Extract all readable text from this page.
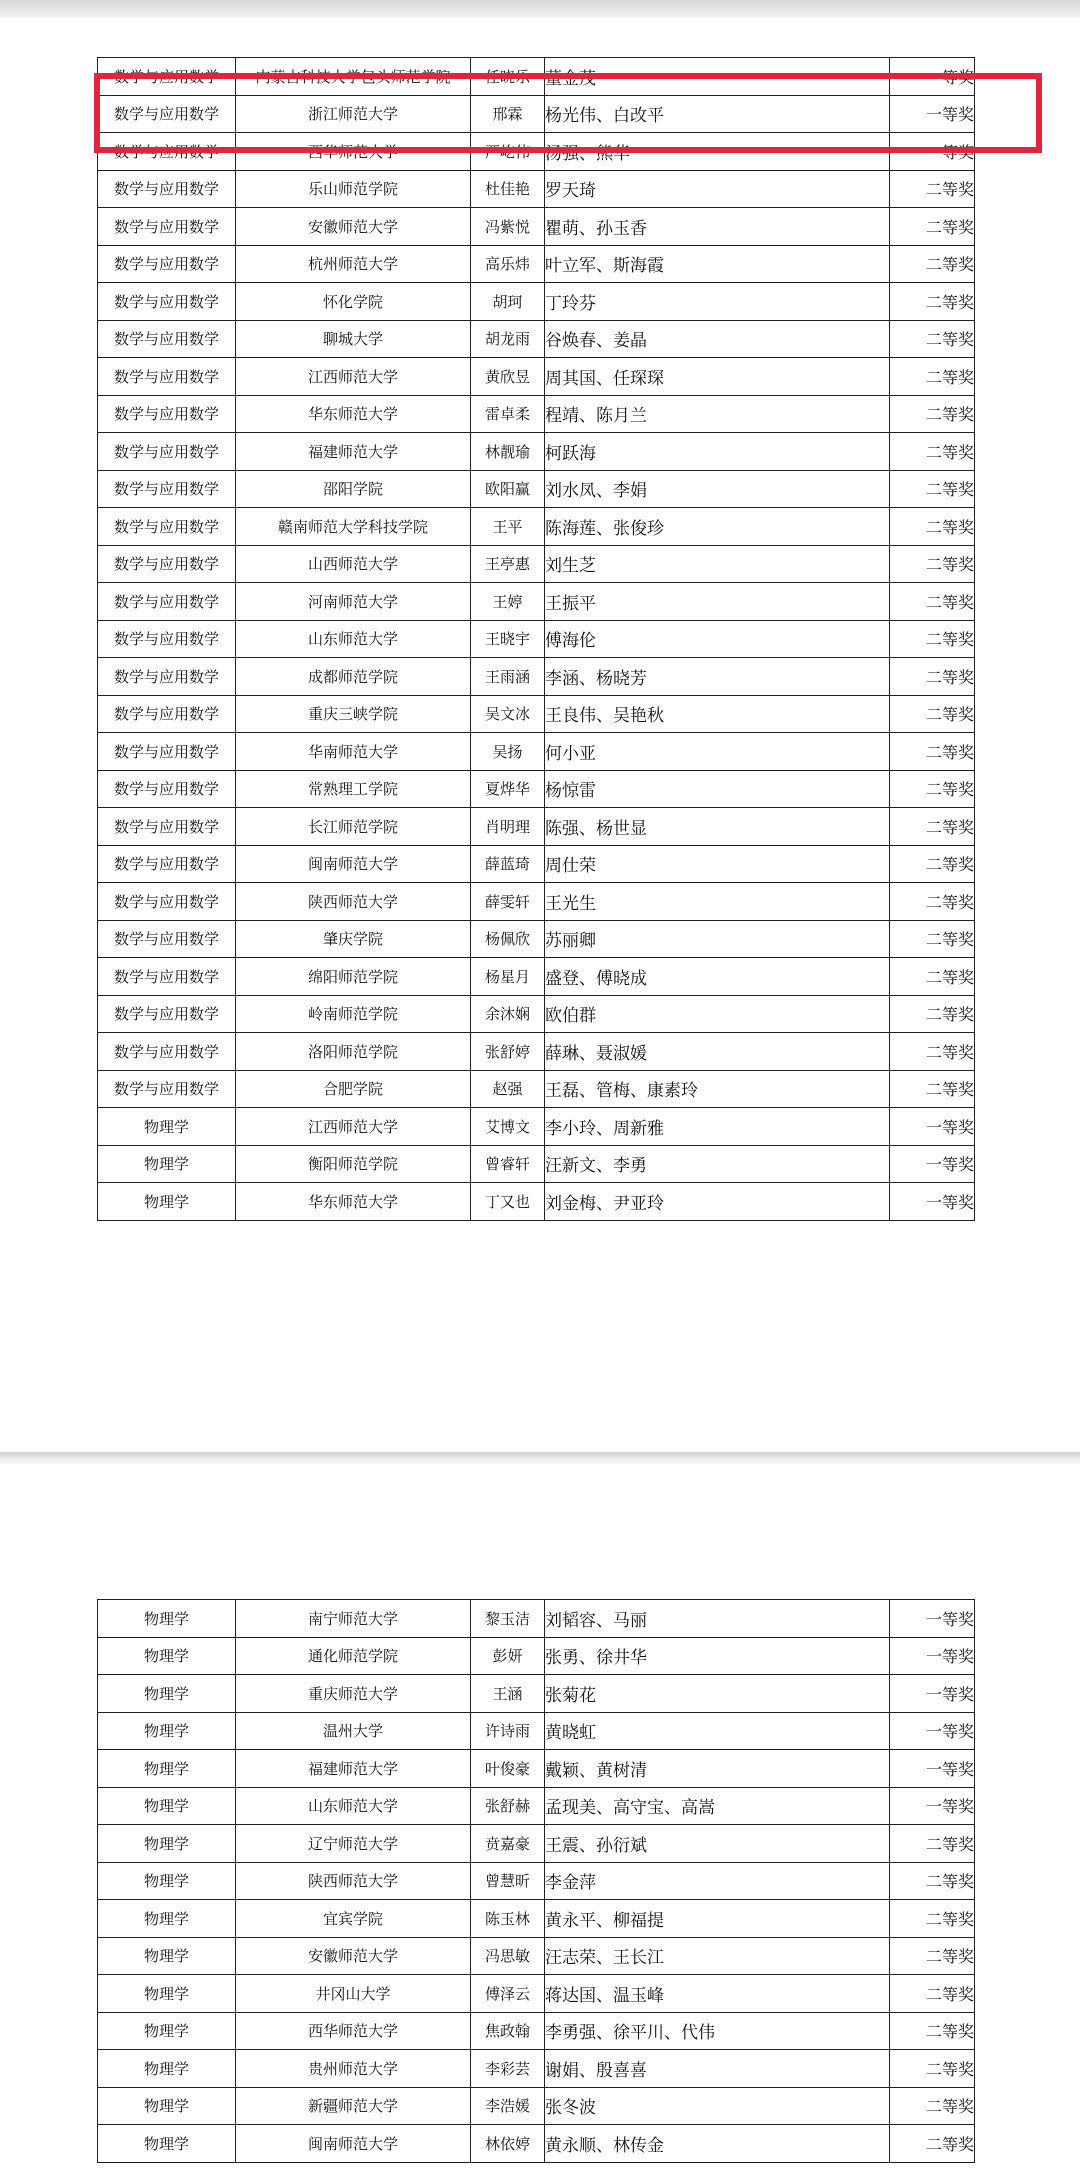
数学与应用数学	内蒙古科技大学包头师范学院	任晓乐	董金茂	一等奖
数学与应用数学	浙江师范大学	邢霖	杨光伟、白改平	一等奖
数学与应用数学	西华师范大学	严屹伟	汤强、熊华	一等奖
数学与应用数学	乐山师范学院	杜佳艳	罗天琦	二等奖
数学与应用数学	安徽师范大学	冯紫悦	瞿萌、孙玉香	二等奖
数学与应用数学	杭州师范大学	高乐炜	叶立军、斯海霞	二等奖
数学与应用数学	怀化学院	胡珂	丁玲芬	二等奖
数学与应用数学	聊城大学	胡龙雨	谷焕春、姜晶	二等奖
数学与应用数学	江西师范大学	黄欣昱	周其国、任琛琛	二等奖
数学与应用数学	华东师范大学	雷卓柔	程靖、陈月兰	二等奖
数学与应用数学	福建师范大学	林靓瑜	柯跃海	二等奖
数学与应用数学	邵阳学院	欧阳赢	刘水凤、李娟	二等奖
数学与应用数学	赣南师范大学科技学院	王平	陈海莲、张俊珍	二等奖
数学与应用数学	山西师范大学	王亭惠	刘生芝	二等奖
数学与应用数学	河南师范大学	王婷	王振平	二等奖
数学与应用数学	山东师范大学	王晓宇	傅海伦	二等奖
数学与应用数学	成都师范学院	王雨涵	李涵、杨晓芳	二等奖
数学与应用数学	重庆三峡学院	吴文冰	王良伟、吴艳秋	二等奖
数学与应用数学	华南师范大学	吴扬	何小亚	二等奖
数学与应用数学	常熟理工学院	夏烨华	杨惊雷	二等奖
数学与应用数学	长江师范学院	肖明理	陈强、杨世显	二等奖
数学与应用数学	闽南师范大学	薛蓝琦	周仕荣	二等奖
数学与应用数学	陕西师范大学	薛雯轩	王光生	二等奖
数学与应用数学	肇庆学院	杨佩欣	苏丽卿	二等奖
数学与应用数学	绵阳师范学院	杨星月	盛登、傅晓成	二等奖
数学与应用数学	岭南师范学院	余沐娴	欧伯群	二等奖
数学与应用数学	洛阳师范学院	张舒婷	薛琳、聂淑媛	二等奖
数学与应用数学	合肥学院	赵强	王磊、管梅、康素玲	二等奖
物理学	江西师范大学	艾博文	李小玲、周新雅	一等奖
物理学	衡阳师范学院	曾睿轩	汪新文、李勇	一等奖
物理学	华东师范大学	丁又也	刘金梅、尹亚玲	一等奖
物理学	南宁师范大学	黎玉洁	刘韬容、马丽	一等奖
物理学	通化师范学院	彭妍	张勇、徐井华	一等奖
物理学	重庆师范大学	王涵	张菊花	一等奖
物理学	温州大学	许诗雨	黄晓虹	一等奖
物理学	福建师范大学	叶俊豪	戴颖、黄树清	一等奖
物理学	山东师范大学	张舒赫	孟现美、高守宝、高嵩	一等奖
物理学	辽宁师范大学	贲嘉豪	王震、孙衍斌	二等奖
物理学	陕西师范大学	曾慧昕	李金萍	二等奖
物理学	宜宾学院	陈玉林	黄永平、柳福提	二等奖
物理学	安徽师范大学	冯思敏	汪志荣、王长江	二等奖
物理学	井冈山大学	傅泽云	蒋达国、温玉峰	二等奖
物理学	西华师范大学	焦政翰	李勇强、徐平川、代伟	二等奖
物理学	贵州师范大学	李彩芸	谢娟、殷喜喜	二等奖
物理学	新疆师范大学	李浩媛	张冬波	二等奖
物理学	闽南师范大学	林依婷	黄永顺、林传金	二等奖
